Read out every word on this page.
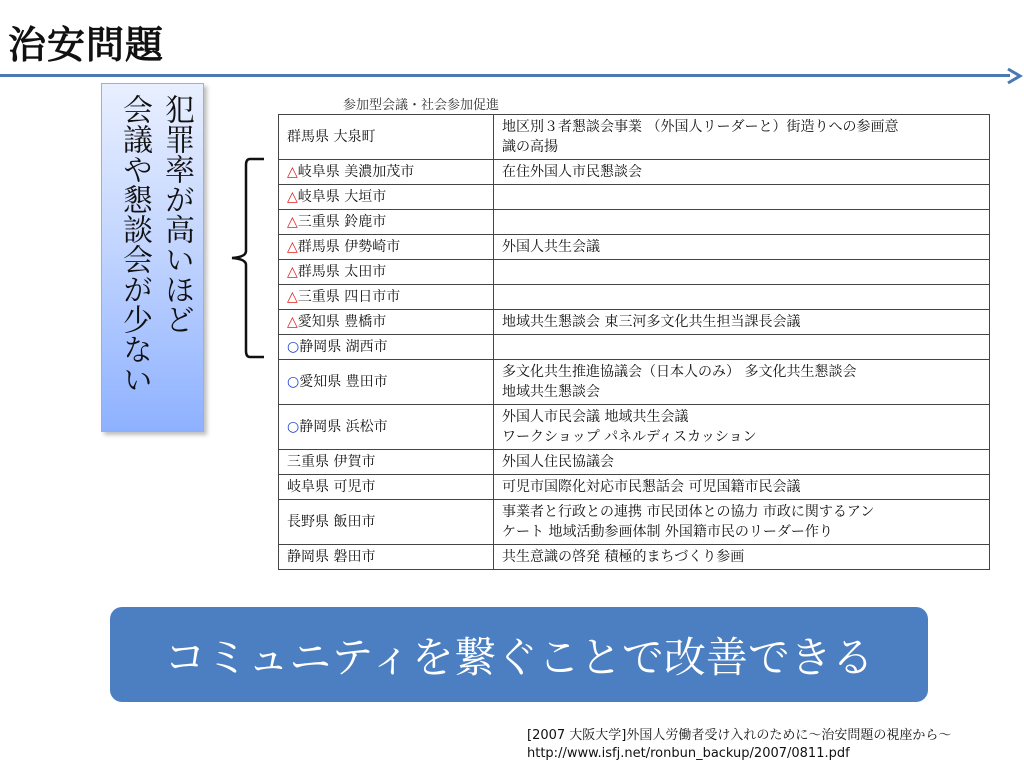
治安問題
犯罪率が高いほど
会議や懇談会が少ない	参加型会議・社会参加促進
群馬県 大泉町	地区別３者懇談会事業 （外国人リーダーと）街造りへの参画意
識の高揚

△岐阜県 美濃加茂市	在住外国人市民懇談会

△岐阜県 大垣市	

△三重県 鈴鹿市	

△群馬県 伊勢崎市	外国人共生会議

△群馬県 太田市	

△三重県 四日市市	

△愛知県 豊橋市	地域共生懇談会 東三河多文化共生担当課長会議

○静岡県 湖西市	

○愛知県 豊田市	多文化共生推進協議会（日本人のみ） 多文化共生懇談会
地域共生懇談会

○静岡県 浜松市	外国人市民会議 地域共生会議
ワークショップ パネルディスカッション

三重県 伊賀市	外国人住民協議会

岐阜県 可児市	可児市国際化対応市民懇話会 可児国籍市民会議

長野県 飯田市	事業者と行政との連携 市民団体との協力 市政に関するアン
ケート 地域活動参画体制 外国籍市民のリーダー作り

静岡県 磐田市	共生意識の啓発 積極的まちづくり参画
コミュニティを繋ぐことで改善できる
[2007 大阪大学]外国人労働者受け入れのために～治安問題の視座から～
http://www.isfj.net/ronbun_backup/2007/0811.pdf
